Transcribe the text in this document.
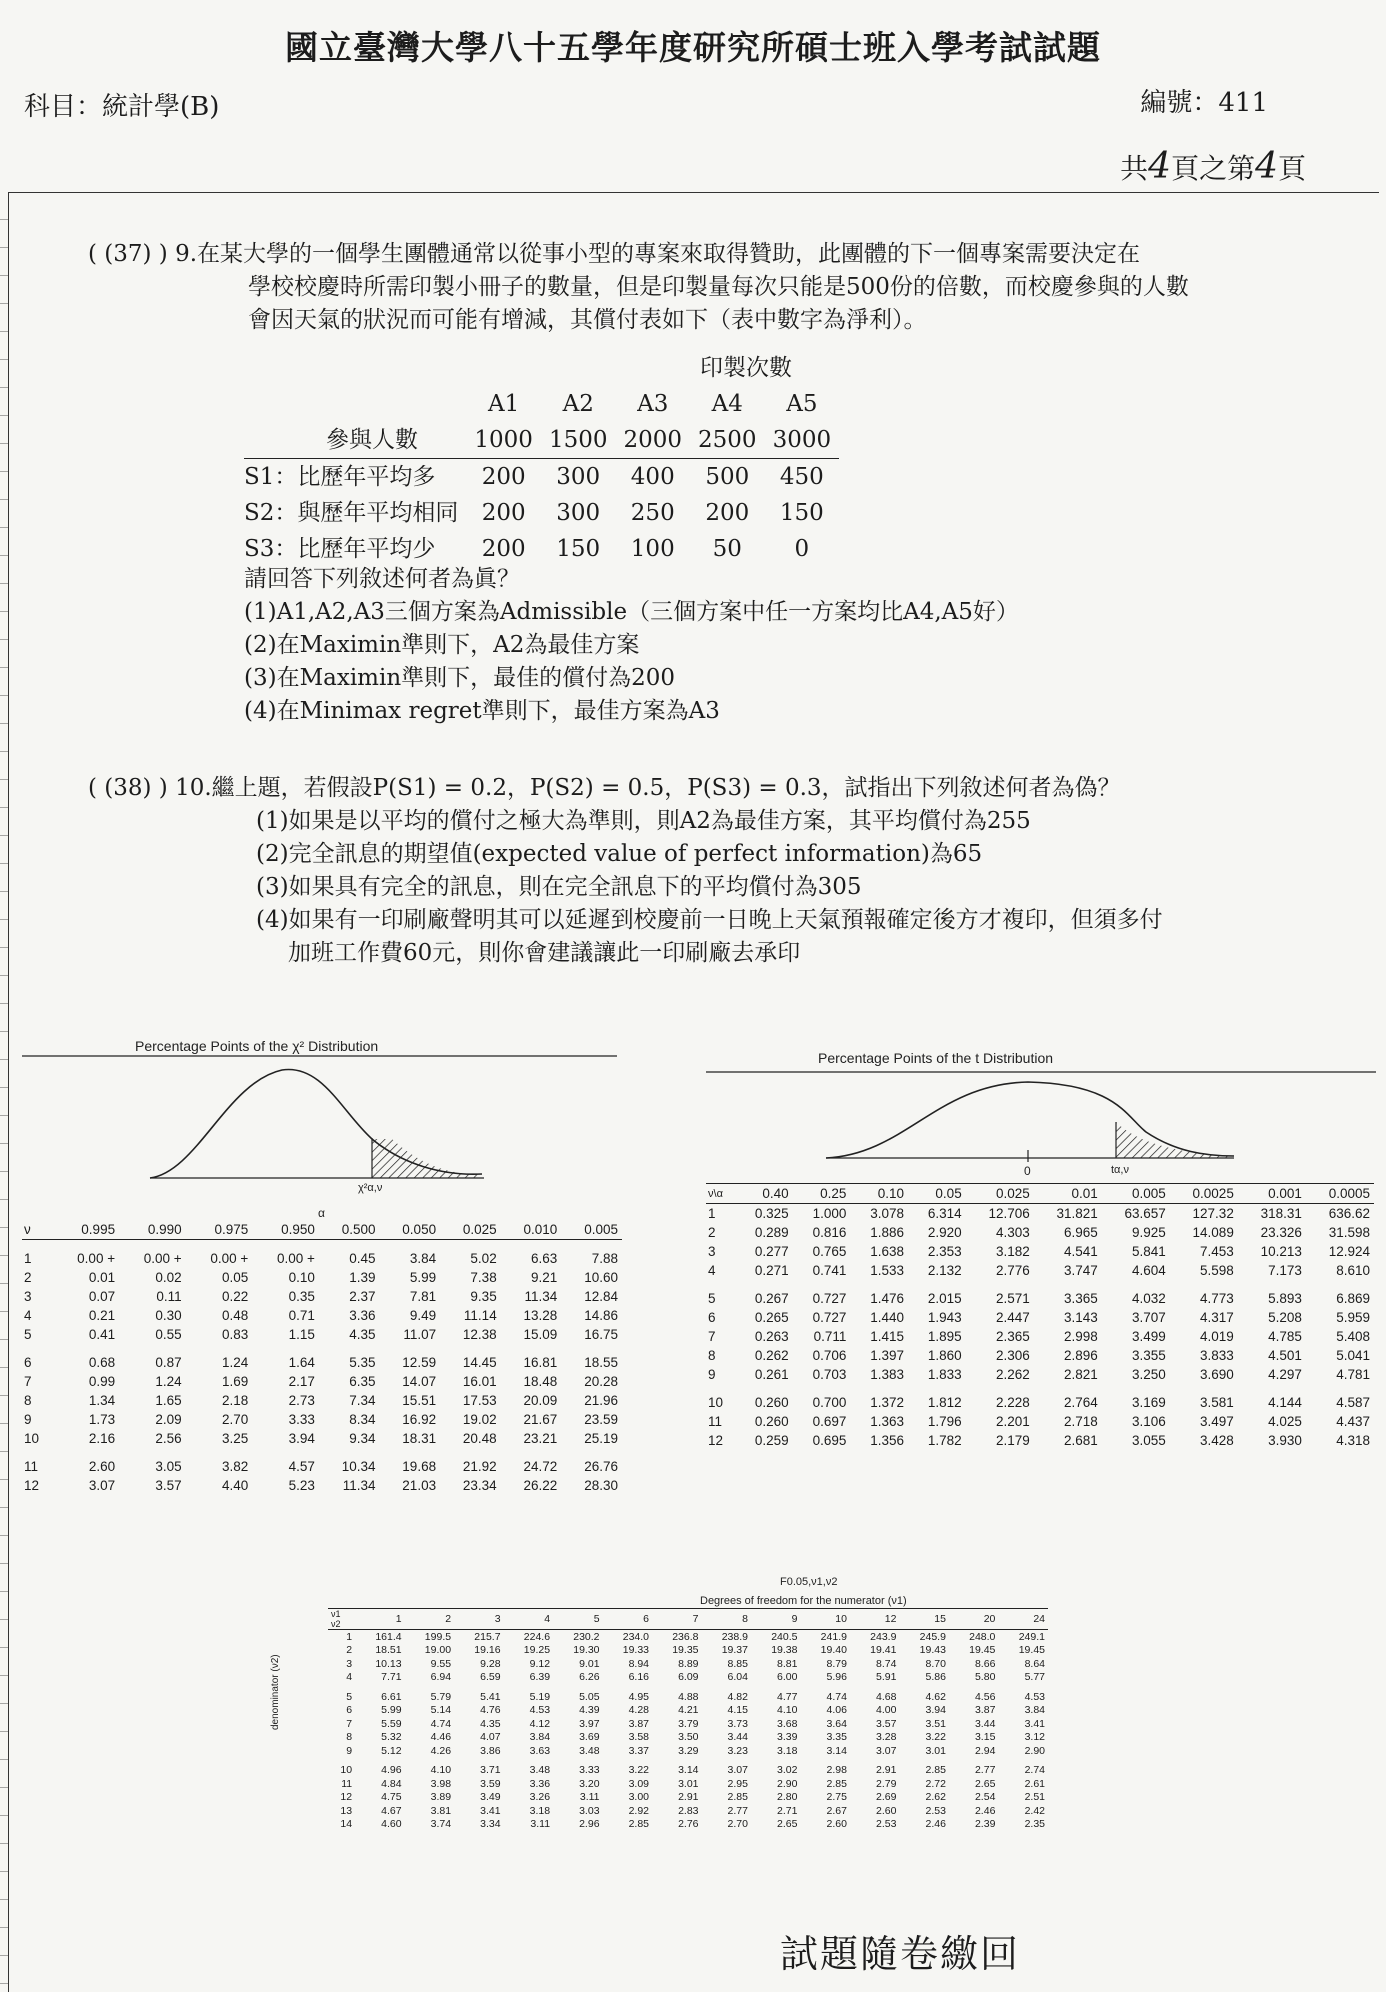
國立臺灣大學八十五學年度研究所碩士班入學考試試題
科目：統計學(B)	編號：411
共4頁之第4頁

( (37) ) 9.在某大學的一個學生團體通常以從事小型的專案來取得贊助，此團體的下一個專案需要決定在

學校校慶時所需印製小冊子的數量，但是印製量每次只能是500份的倍數，而校慶參與的人數

會因天氣的狀況而可能有增減，其償付表如下（表中數字為淨利）。

印製次數
	A1	A2	A3	A4	A5
參與人數	1000	1500	2000	2500	3000
S1：比歷年平均多	200	300	400	500	450
S2：與歷年平均相同	200	300	250	200	150
S3：比歷年平均少	200	150	100	50	0

請回答下列敘述何者為眞？

(1)A1,A2,A3三個方案為Admissible（三個方案中任一方案均比A4,A5好）

(2)在Maximin準則下，A2為最佳方案

(3)在Maximin準則下，最佳的償付為200

(4)在Minimax regret準則下，最佳方案為A3

( (38) ) 10.繼上題，若假設P(S1) = 0.2，P(S2) = 0.5，P(S3) = 0.3，試指出下列敘述何者為偽？

(1)如果是以平均的償付之極大為準則，則A2為最佳方案，其平均償付為255

(2)完全訊息的期望值(expected value of perfect information)為65

(3)如果具有完全的訊息，則在完全訊息下的平均償付為305

(4)如果有一印刷廠聲明其可以延遲到校慶前一日晚上天氣預報確定後方才複印，但須多付

加班工作費60元，則你會建議讓此一印刷廠去承印

Percentage Points of the χ² Distribution
χ²α,ν
α
ν	0.995	0.990	0.975	0.950	0.500	0.050	0.025	0.010	0.005

1	0.00 +	0.00 +	0.00 +	0.00 +	0.45	3.84	5.02	6.63	7.88
2	0.01	0.02	0.05	0.10	1.39	5.99	7.38	9.21	10.60
3	0.07	0.11	0.22	0.35	2.37	7.81	9.35	11.34	12.84
4	0.21	0.30	0.48	0.71	3.36	9.49	11.14	13.28	14.86
5	0.41	0.55	0.83	1.15	4.35	11.07	12.38	15.09	16.75

6	0.68	0.87	1.24	1.64	5.35	12.59	14.45	16.81	18.55
7	0.99	1.24	1.69	2.17	6.35	14.07	16.01	18.48	20.28
8	1.34	1.65	2.18	2.73	7.34	15.51	17.53	20.09	21.96
9	1.73	2.09	2.70	3.33	8.34	16.92	19.02	21.67	23.59
10	2.16	2.56	3.25	3.94	9.34	18.31	20.48	23.21	25.19

11	2.60	3.05	3.82	4.57	10.34	19.68	21.92	24.72	26.76
12	3.07	3.57	4.40	5.23	11.34	21.03	23.34	26.22	28.30
Percentage Points of the t Distribution
0	tα,ν
ν\α	0.40	0.25	0.10	0.05	0.025	0.01	0.005	0.0025	0.001	0.0005
1	0.325	1.000	3.078	6.314	12.706	31.821	63.657	127.32	318.31	636.62
2	0.289	0.816	1.886	2.920	4.303	6.965	9.925	14.089	23.326	31.598
3	0.277	0.765	1.638	2.353	3.182	4.541	5.841	7.453	10.213	12.924
4	0.271	0.741	1.533	2.132	2.776	3.747	4.604	5.598	7.173	8.610

5	0.267	0.727	1.476	2.015	2.571	3.365	4.032	4.773	5.893	6.869
6	0.265	0.727	1.440	1.943	2.447	3.143	3.707	4.317	5.208	5.959
7	0.263	0.711	1.415	1.895	2.365	2.998	3.499	4.019	4.785	5.408
8	0.262	0.706	1.397	1.860	2.306	2.896	3.355	3.833	4.501	5.041
9	0.261	0.703	1.383	1.833	2.262	2.821	3.250	3.690	4.297	4.781

10	0.260	0.700	1.372	1.812	2.228	2.764	3.169	3.581	4.144	4.587
11	0.260	0.697	1.363	1.796	2.201	2.718	3.106	3.497	4.025	4.437
12	0.259	0.695	1.356	1.782	2.179	2.681	3.055	3.428	3.930	4.318
F0.05,ν1,ν2
Degrees of freedom for the numerator (ν1)
denominator (ν2)
ν1
ν2	1	2	3	4	5	6	7	8	9	10	12	15	20	24
1	161.4	199.5	215.7	224.6	230.2	234.0	236.8	238.9	240.5	241.9	243.9	245.9	248.0	249.1
2	18.51	19.00	19.16	19.25	19.30	19.33	19.35	19.37	19.38	19.40	19.41	19.43	19.45	19.45
3	10.13	9.55	9.28	9.12	9.01	8.94	8.89	8.85	8.81	8.79	8.74	8.70	8.66	8.64
4	7.71	6.94	6.59	6.39	6.26	6.16	6.09	6.04	6.00	5.96	5.91	5.86	5.80	5.77

5	6.61	5.79	5.41	5.19	5.05	4.95	4.88	4.82	4.77	4.74	4.68	4.62	4.56	4.53
6	5.99	5.14	4.76	4.53	4.39	4.28	4.21	4.15	4.10	4.06	4.00	3.94	3.87	3.84
7	5.59	4.74	4.35	4.12	3.97	3.87	3.79	3.73	3.68	3.64	3.57	3.51	3.44	3.41
8	5.32	4.46	4.07	3.84	3.69	3.58	3.50	3.44	3.39	3.35	3.28	3.22	3.15	3.12
9	5.12	4.26	3.86	3.63	3.48	3.37	3.29	3.23	3.18	3.14	3.07	3.01	2.94	2.90

10	4.96	4.10	3.71	3.48	3.33	3.22	3.14	3.07	3.02	2.98	2.91	2.85	2.77	2.74
11	4.84	3.98	3.59	3.36	3.20	3.09	3.01	2.95	2.90	2.85	2.79	2.72	2.65	2.61
12	4.75	3.89	3.49	3.26	3.11	3.00	2.91	2.85	2.80	2.75	2.69	2.62	2.54	2.51
13	4.67	3.81	3.41	3.18	3.03	2.92	2.83	2.77	2.71	2.67	2.60	2.53	2.46	2.42
14	4.60	3.74	3.34	3.11	2.96	2.85	2.76	2.70	2.65	2.60	2.53	2.46	2.39	2.35
試題隨卷繳回
